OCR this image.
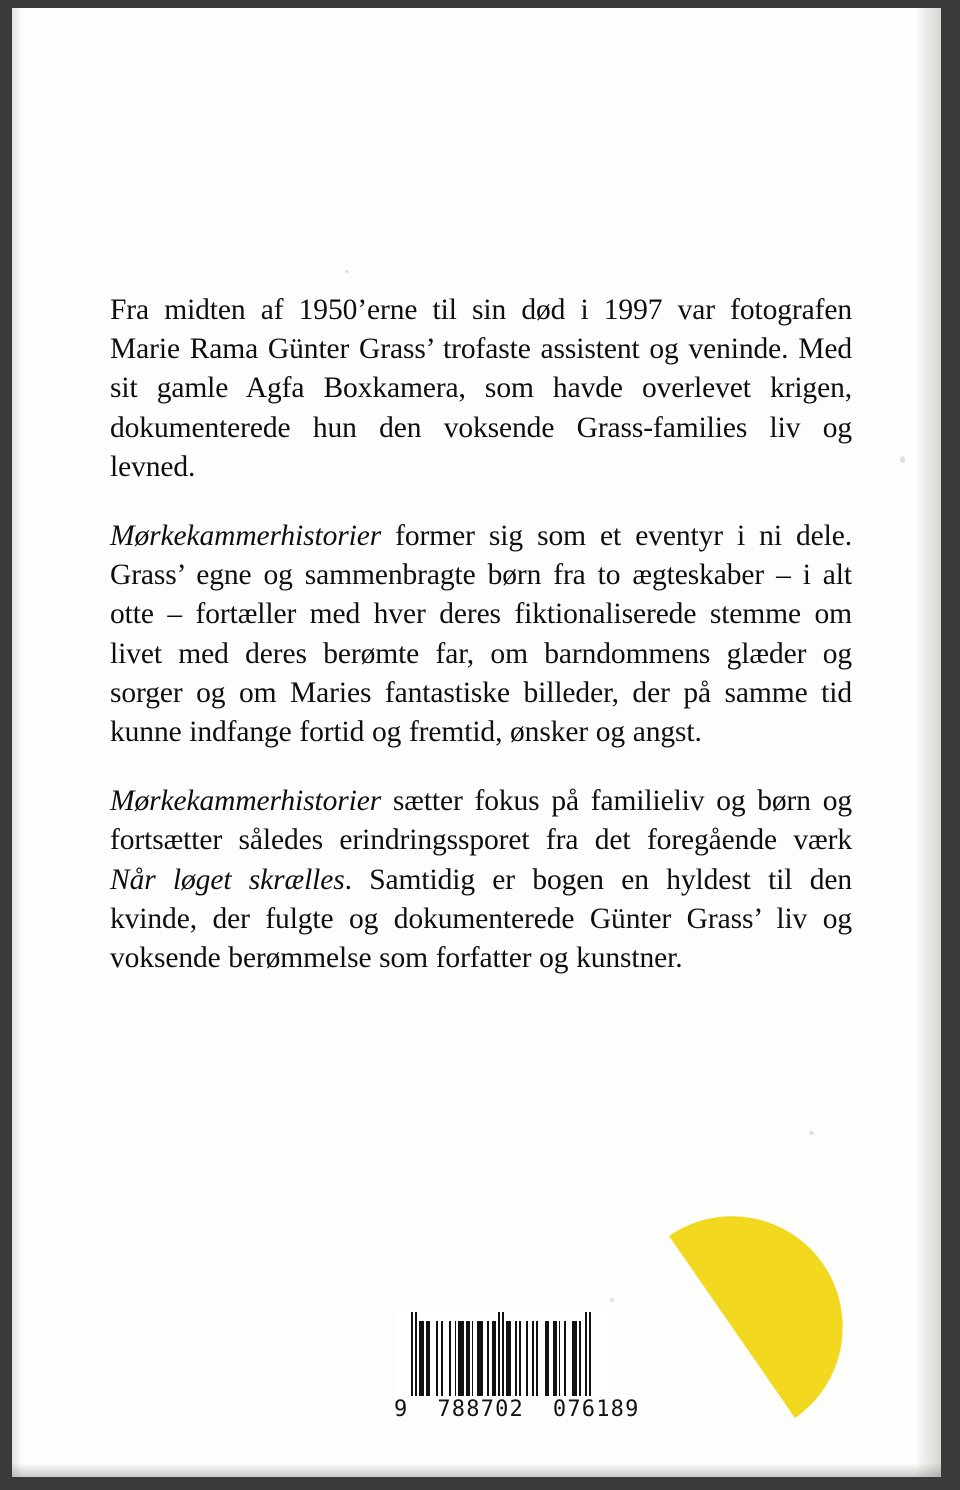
Fra midten af 1950’erne til sin død i 1997 var fotografen Marie Rama Günter Grass’ trofaste assistent og veninde. Med sit gamle Agfa Boxkamera, som havde overlevet krigen, dokumenterede hun den voksende Grass-families liv og levned.

Mørkekammerhistorier former sig som et eventyr i ni dele. Grass’ egne og sammenbragte børn fra to ægteskaber – i alt otte – fortæller med hver deres fiktionaliserede stemme om livet med deres berømte far, om barndommens glæder og sorger og om Maries fantastiske billeder, der på samme tid kunne indfange fortid og fremtid, ønsker og angst.

Mørkekammerhistorier sætter fokus på familieliv og børn og fortsætter således erindringssporet fra det foregående værk Når løget skrælles. Samtidig er bogen en hyldest til den kvinde, der fulgte og dokumenterede Günter Grass’ liv og voksende berømmelse som forfatter og kunstner.

9  788702  076189
